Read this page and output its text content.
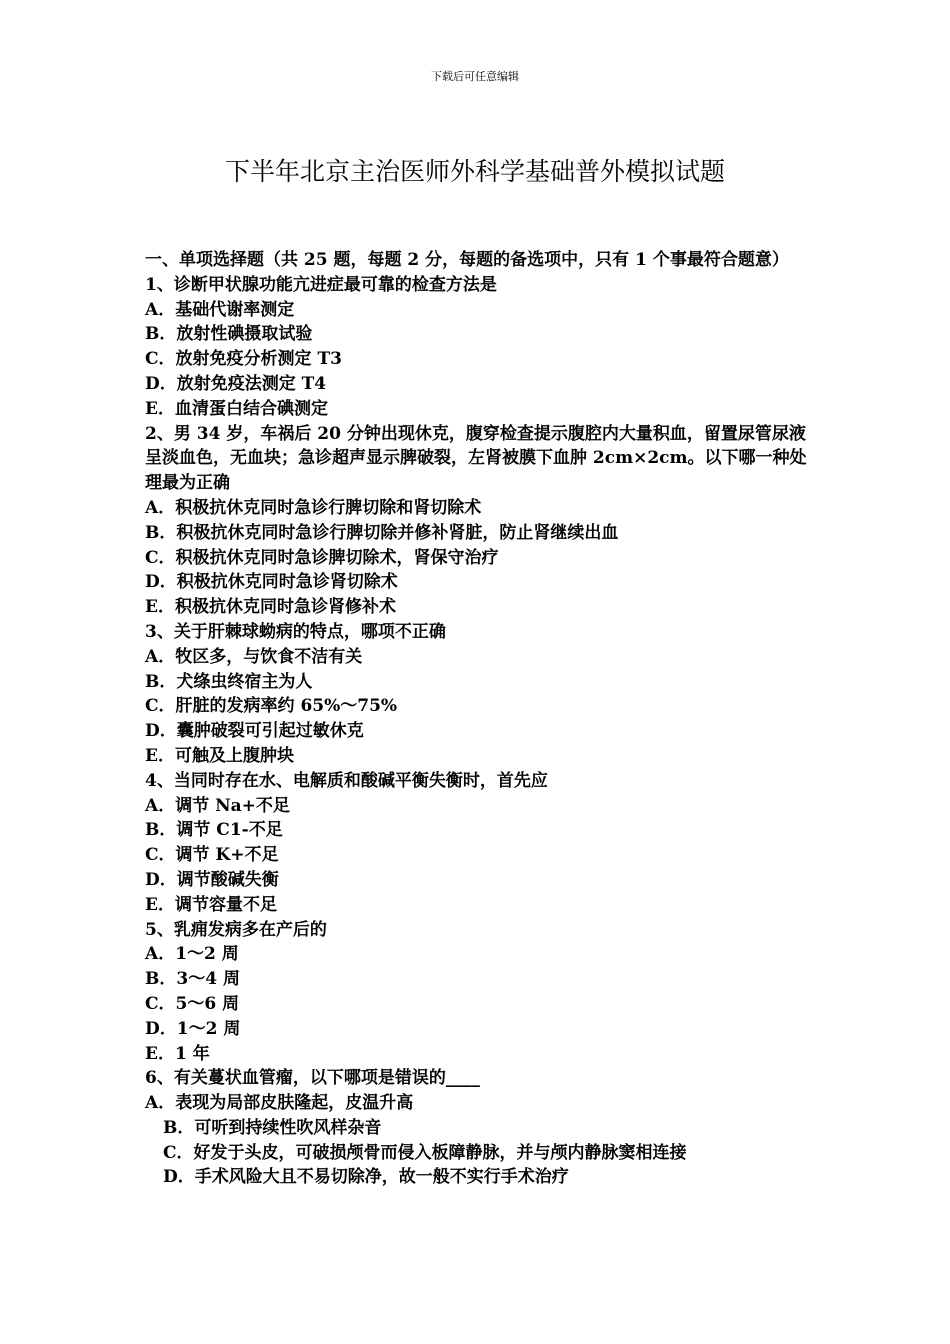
下载后可任意编辑
下半年北京主治医师外科学基础普外模拟试题

一、单项选择题（共 25 题，每题 2 分，每题的备选项中，只有 1 个事最符合题意）

1、诊断甲状腺功能亢进症最可靠的检查方法是

A．基础代谢率测定

B．放射性碘摄取试验

C．放射免疫分析测定 T3

D．放射免疫法测定 T4

E．血清蛋白结合碘测定

2、男 34 岁，车祸后 20 分钟出现休克，腹穿检查提示腹腔内大量积血，留置尿管尿液呈淡血色，无血块；急诊超声显示脾破裂，左肾被膜下血肿 2cm×2cm。以下哪一种处理最为正确

A．积极抗休克同时急诊行脾切除和肾切除术

B．积极抗休克同时急诊行脾切除并修补肾脏，防止肾继续出血

C．积极抗休克同时急诊脾切除术，肾保守治疗

D．积极抗休克同时急诊肾切除术

E．积极抗休克同时急诊肾修补术

3、关于肝棘球蚴病的特点，哪项不正确

A．牧区多，与饮食不洁有关

B．犬绦虫终宿主为人

C．肝脏的发病率约 65%～75%

D．囊肿破裂可引起过敏休克

E．可触及上腹肿块

4、当同时存在水、电解质和酸碱平衡失衡时，首先应

A．调节 Na+不足

B．调节 C1-不足

C．调节 K+不足

D．调节酸碱失衡

E．调节容量不足

5、乳痈发病多在产后的

A．1～2 周

B．3～4 周

C．5～6 周

D．1～2 周

E．1 年

6、有关蔓状血管瘤，以下哪项是错误的____

A．表现为局部皮肤隆起，皮温升高

B．可听到持续性吹风样杂音

C．好发于头皮，可破损颅骨而侵入板障静脉，并与颅内静脉窦相连接

D．手术风险大且不易切除净，故一般不实行手术治疗
